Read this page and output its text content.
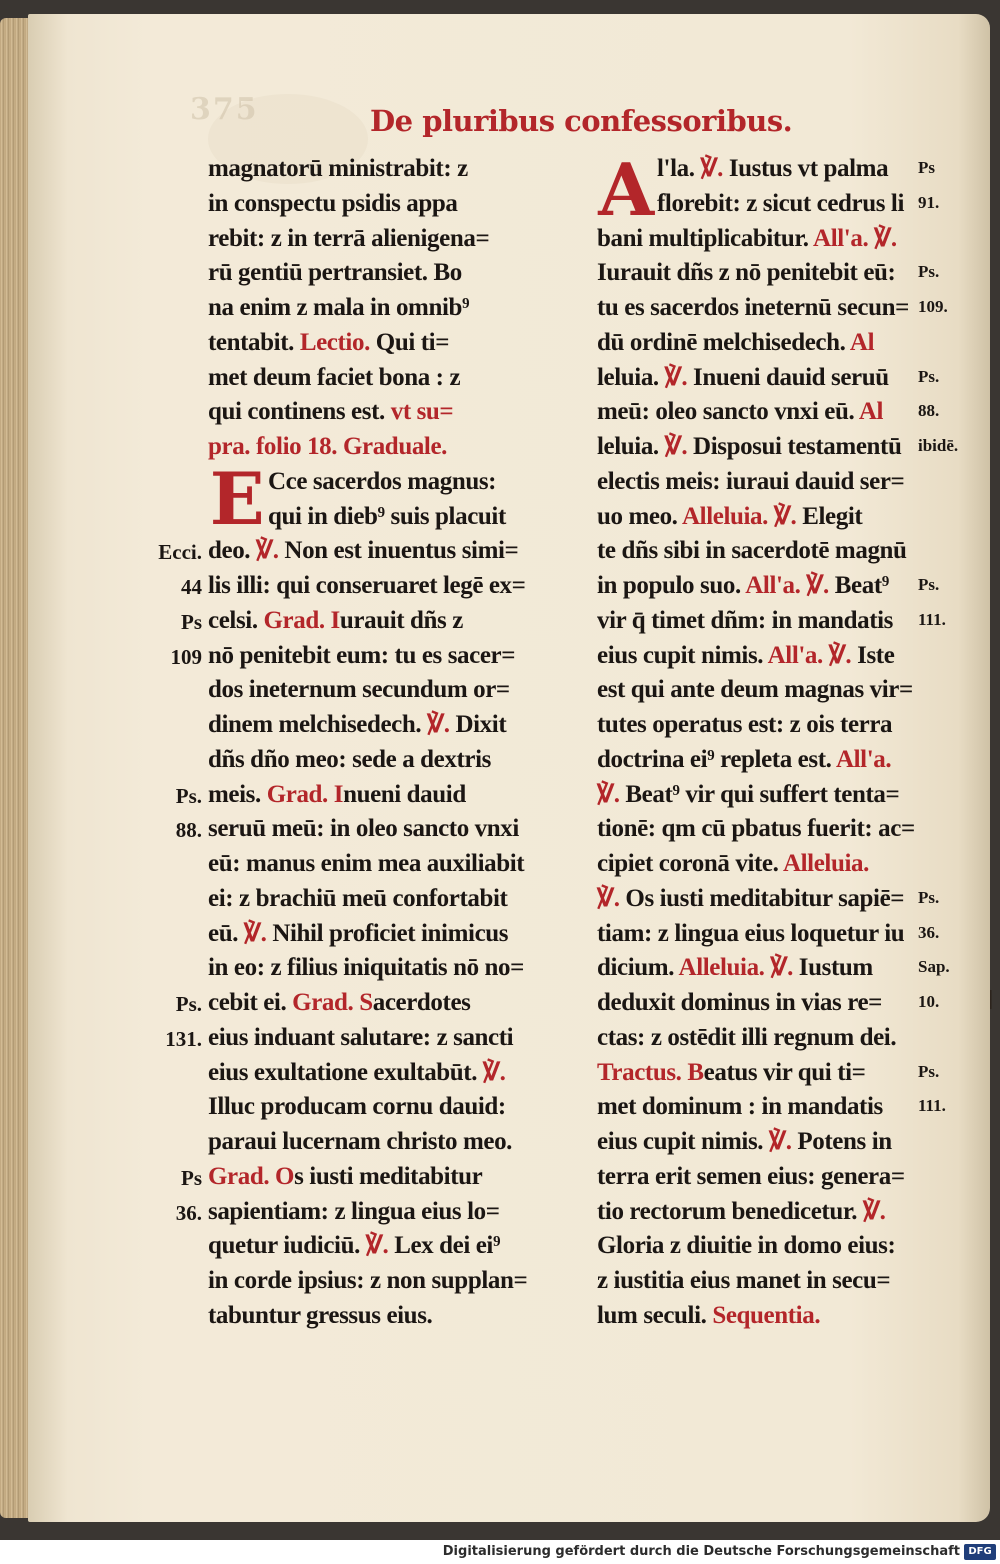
375	De pluribus confessoribus.
E
magnatorū ministrabit: z
in conspectu psidis appa
rebit: z in terrā alienigena=
rū gentiū pertransiet. Bo
na enim z mala in omnib⁹
tentabit. Lectio. Qui ti=
met deum faciet bona : z
qui continens est. vt su=
pra. folio 18. Graduale.
Cce sacerdos magnus:
qui in dieb⁹ suis placuit
deo. ℣. Non est inuentus simi=
lis illi: qui conseruaret legē ex=
celsi. Grad. Iurauit dñs z
nō penitebit eum: tu es sacer=
dos ineternum secundum or=
dinem melchisedech. ℣. Dixit
dñs dño meo: sede a dextris
meis. Grad. Inueni dauid
seruū meū: in oleo sancto vnxi
eū: manus enim mea auxiliabit
ei: z brachiū meū confortabit
eū. ℣. Nihil proficiet inimicus
in eo: z filius iniquitatis nō no=
cebit ei. Grad. Sacerdotes
eius induant salutare: z sancti
eius exultatione exultabūt. ℣.
Illuc producam cornu dauid:
paraui lucernam christo meo.
Grad. Os iusti meditabitur
sapientiam: z lingua eius lo=
quetur iudiciū. ℣. Lex dei ei⁹
in corde ipsius: z non supplan=
tabuntur gressus eius.
A l'la. ℣. Iustus vt palma
florebit: z sicut cedrus li
bani multiplicabitur. All'a. ℣.
Iurauit dñs z nō penitebit eū:
tu es sacerdos ineternū secun=
dū ordinē melchisedech. Al
leluia. ℣. Inueni dauid seruū
meū: oleo sancto vnxi eū. Al
leluia. ℣. Disposui testamentū
electis meis: iuraui dauid ser=
uo meo. Alleluia. ℣. Elegit
te dñs sibi in sacerdotē magnū
in populo suo. All'a. ℣. Beat⁹
vir q̄ timet dñm: in mandatis
eius cupit nimis. All'a. ℣. Iste
est qui ante deum magnas vir=
tutes operatus est: z ois terra
doctrina ei⁹ repleta est. All'a.
℣. Beat⁹ vir qui suffert tenta=
tionē: qm cū pbatus fuerit: ac=
cipiet coronā vite. Alleluia.
℣. Os iusti meditabitur sapiē=
tiam: z lingua eius loquetur iu
dicium. Alleluia. ℣. Iustum
deduxit dominus in vias re=
ctas: z ostēdit illi regnum dei.
Tractus. Beatus vir qui ti=
met dominum : in mandatis
eius cupit nimis. ℣. Potens in
terra erit semen eius: genera=
tio rectorum benedicetur. ℣.
Gloria z diuitie in domo eius:
z iustitia eius manet in secu=
lum seculi. Sequentia.
Ecci.
44
Ps
109
Ps.
88.
Ps.
131.
Ps
36.
Ps
91.
Ps.
109.
Ps.
88.
ibidē.
Ps.
111.
Ps.
36.
Sap.
10.
Ps.
111.
│
Digitalisierung gefördert durch die Deutsche Forschungsgemeinschaft DFG
